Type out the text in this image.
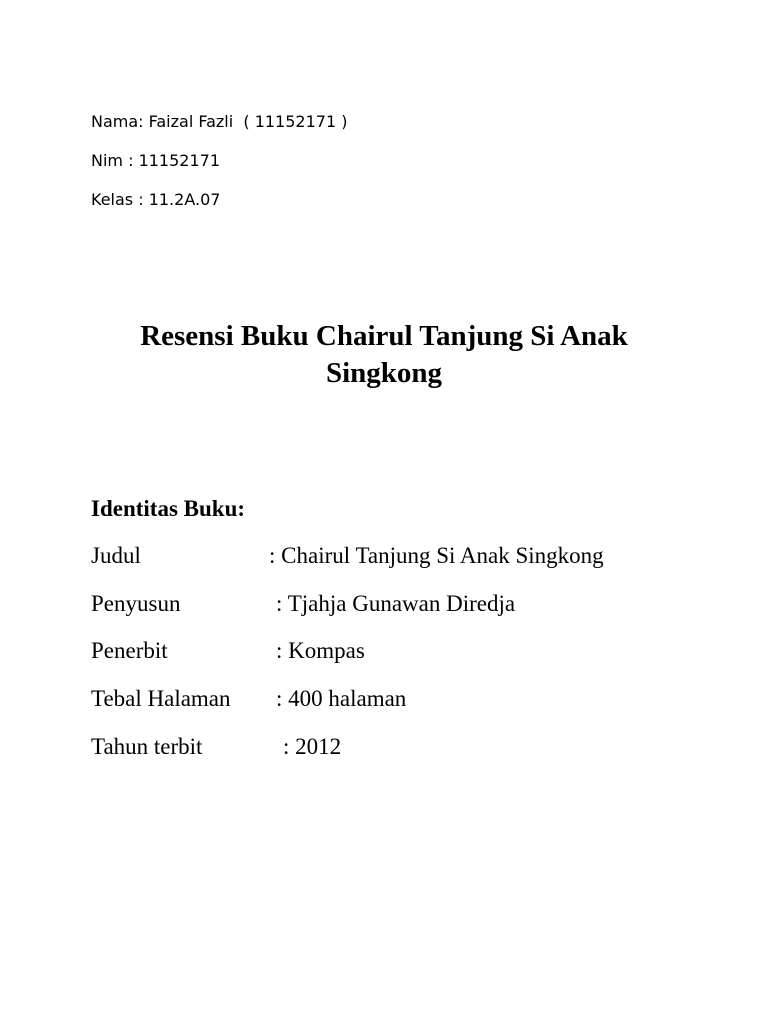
Nama: Faizal Fazli  ( 11152171 )
Nim : 11152171
Kelas : 11.2A.07
Resensi Buku Chairul Tanjung Si Anak Singkong
Identitas Buku:

Judul

	: Chairul Tanjung Si Anak Singkong

Penyusun

	: Tjahja Gunawan Diredja

Penerbit

	: Kompas

Tebal Halaman

: 400 halaman

Tahun terbit

	: 2012
